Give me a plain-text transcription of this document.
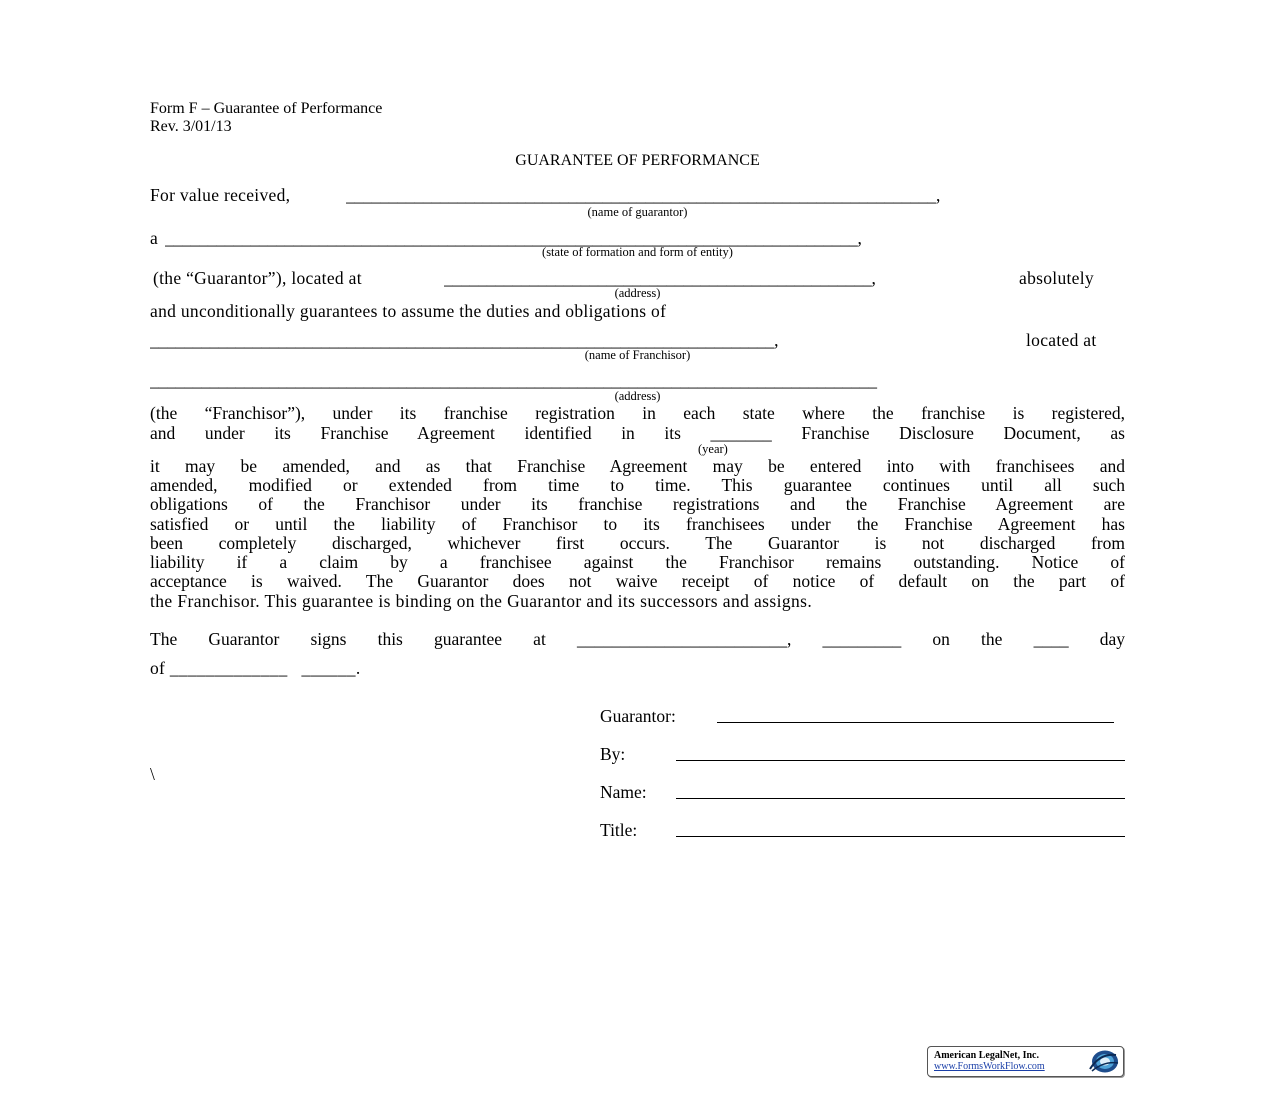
Form F – Guarantee of Performance
Rev. 3/01/13
GUARANTEE OF PERFORMANCE
For value received,	_____________________________________________________________________,
(name of guarantor)
a _________________________________________________________________________________,
(state of formation and form of entity)
(the “Guarantor”), located at	__________________________________________________,	absolutely
(address)
and unconditionally guarantees to assume the duties and obligations of
_________________________________________________________________________,	located at
(name of Franchisor)
_____________________________________________________________________________________
(address)
(the “Franchisor”), under its franchise registration in each state where the franchise is registered,
and under its Franchise Agreement identified in its _______ Franchise Disclosure Document, as
(year)
it may be amended, and as that Franchise Agreement may be entered into with franchisees and
amended, modified or extended from time to time. This guarantee continues until all such
obligations of the Franchisor under its franchise registrations and the Franchise Agreement are
satisfied or until the liability of Franchisor to its franchisees under the Franchise Agreement has
been completely discharged, whichever first occurs. The Guarantor is not discharged from
liability if a claim by a franchisee against the Franchisor remains outstanding. Notice of
acceptance is waived. The Guarantor does not waive receipt of notice of default on the part of
the Franchisor. This guarantee is binding on the Guarantor and its successors and assigns.
The Guarantor signs this guarantee at ________________________, _________ on the ____ day
of _____________   ______.
\
Guarantor:
By:
Name:
Title:
American LegalNet, Inc.
www.FormsWorkFlow.com
